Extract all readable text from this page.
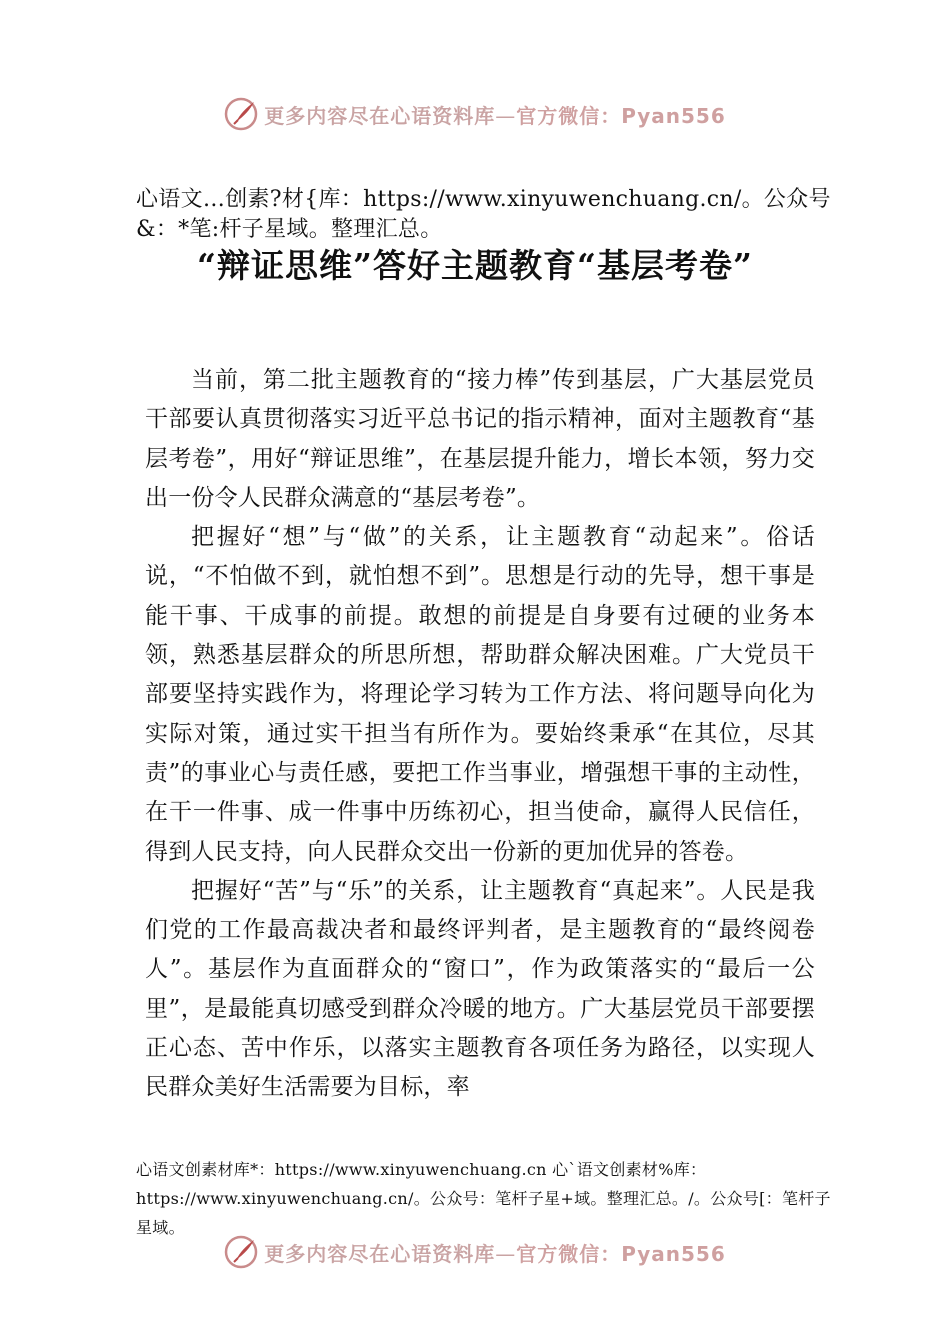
更多内容尽在心语资料库—官方微信：Pyan556
心语文…创素?材{库：https://www.xinyuwenchuang.cn/。公众号&：*笔:杆子星域。整理汇总。
“辩证思维”答好主题教育“基层考卷”

当前，第二批主题教育的“接力棒”传到基层，广大基层党员干部要认真贯彻落实习近平总书记的指示精神，面对主题教育“基层考卷”，用好“辩证思维”，在基层提升能力，增长本领，努力交出一份令人民群众满意的“基层考卷”。

把握好“想”与“做”的关系，让主题教育“动起来”。俗话说，“不怕做不到，就怕想不到”。思想是行动的先导，想干事是能干事、干成事的前提。敢想的前提是自身要有过硬的业务本领，熟悉基层群众的所思所想，帮助群众解决困难。广大党员干部要坚持实践作为，将理论学习转为工作方法、将问题导向化为实际对策，通过实干担当有所作为。要始终秉承“在其位，尽其责”的事业心与责任感，要把工作当事业，增强想干事的主动性，在干一件事、成一件事中历练初心，担当使命，赢得人民信任，得到人民支持，向人民群众交出一份新的更加优异的答卷。

把握好“苦”与“乐”的关系，让主题教育“真起来”。人民是我们党的工作最高裁决者和最终评判者，是主题教育的“最终阅卷人”。基层作为直面群众的“窗口”，作为政策落实的“最后一公里”，是最能真切感受到群众冷暖的地方。广大基层党员干部要摆正心态、苦中作乐，以落实主题教育各项任务为路径，以实现人民群众美好生活需要为目标，率

心语文创素材库*：https://www.xinyuwenchuang.cn 心`语文创素材%库：https://www.xinyuwenchuang.cn/。公众号：笔杆子星+域。整理汇总。/。公众号[：笔杆子星域。
更多内容尽在心语资料库—官方微信：Pyan556
